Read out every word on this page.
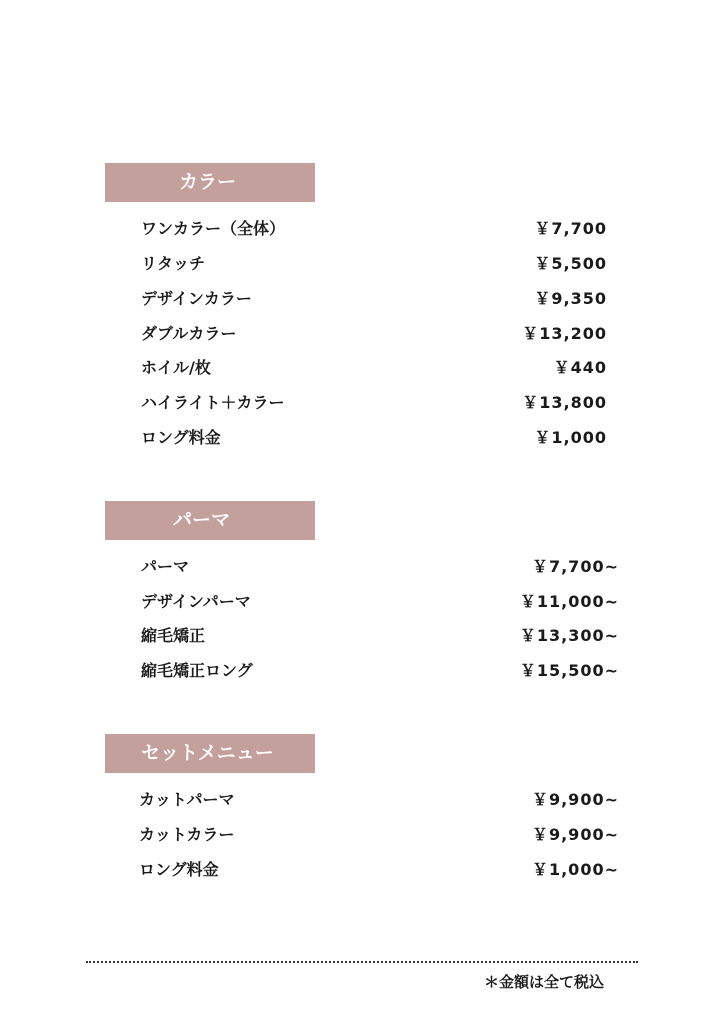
カラー
ワンカラー（全体）	￥7,700
リタッチ	￥5,500
デザインカラー	￥9,350
ダブルカラー	￥13,200
ホイル/枚	￥440
ハイライト＋カラー	￥13,800
ロング料金	￥1,000
パーマ
パーマ	￥7,700~
デザインパーマ	￥11,000~
縮毛矯正	￥13,300~
縮毛矯正ロング	￥15,500~
セットメニュー
カットパーマ	￥9,900~
カットカラー	￥9,900~
ロング料金	￥1,000~
＊金額は全て税込
